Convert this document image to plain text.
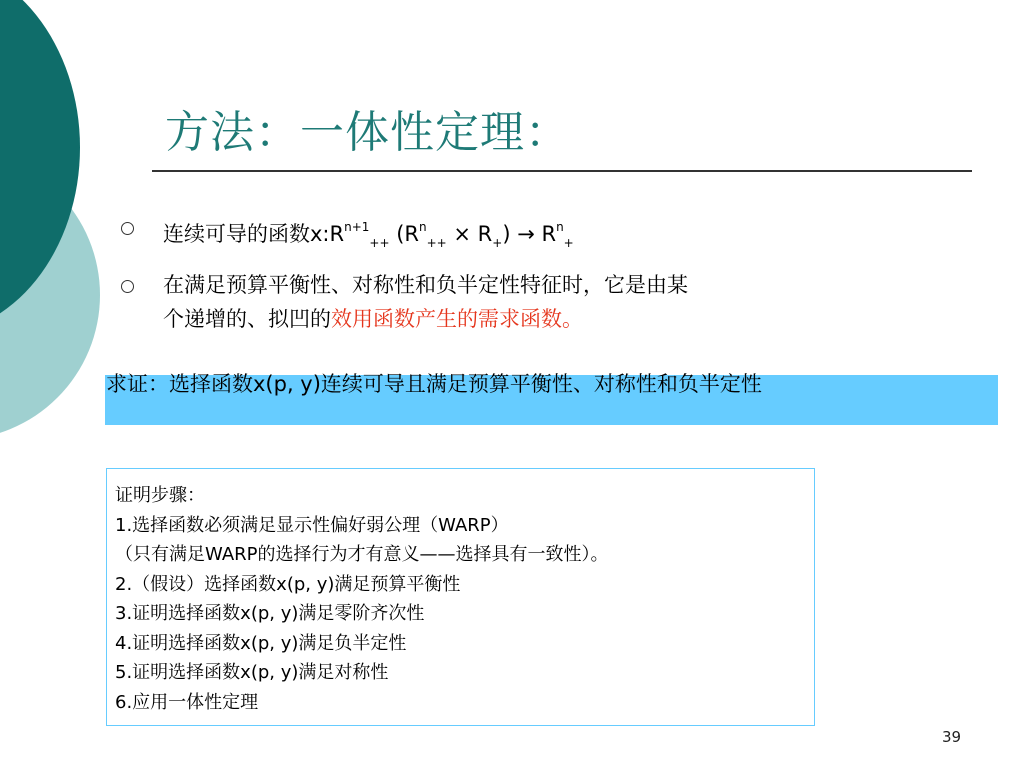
方法：一体性定理：
连续可导的函数$x:R^{n+1}_{++}$ $(R^n_{++} \times R_+) \to R^n_+$
在满足预算平衡性、对称性和负半定性特征时，它是由某
个递增的、拟凹的效用函数产生的需求函数。
求证：选择函数x(p, y)连续可导且满足预算平衡性、对称性和负半定性
证明步骤：
1.选择函数必须满足显示性偏好弱公理（WARP）
（只有满足WARP的选择行为才有意义——选择具有一致性）。
2.（假设）选择函数x(p, y)满足预算平衡性
3.证明选择函数x(p, y)满足零阶齐次性
4.证明选择函数x(p, y)满足负半定性
5.证明选择函数x(p, y)满足对称性
6.应用一体性定理
39
